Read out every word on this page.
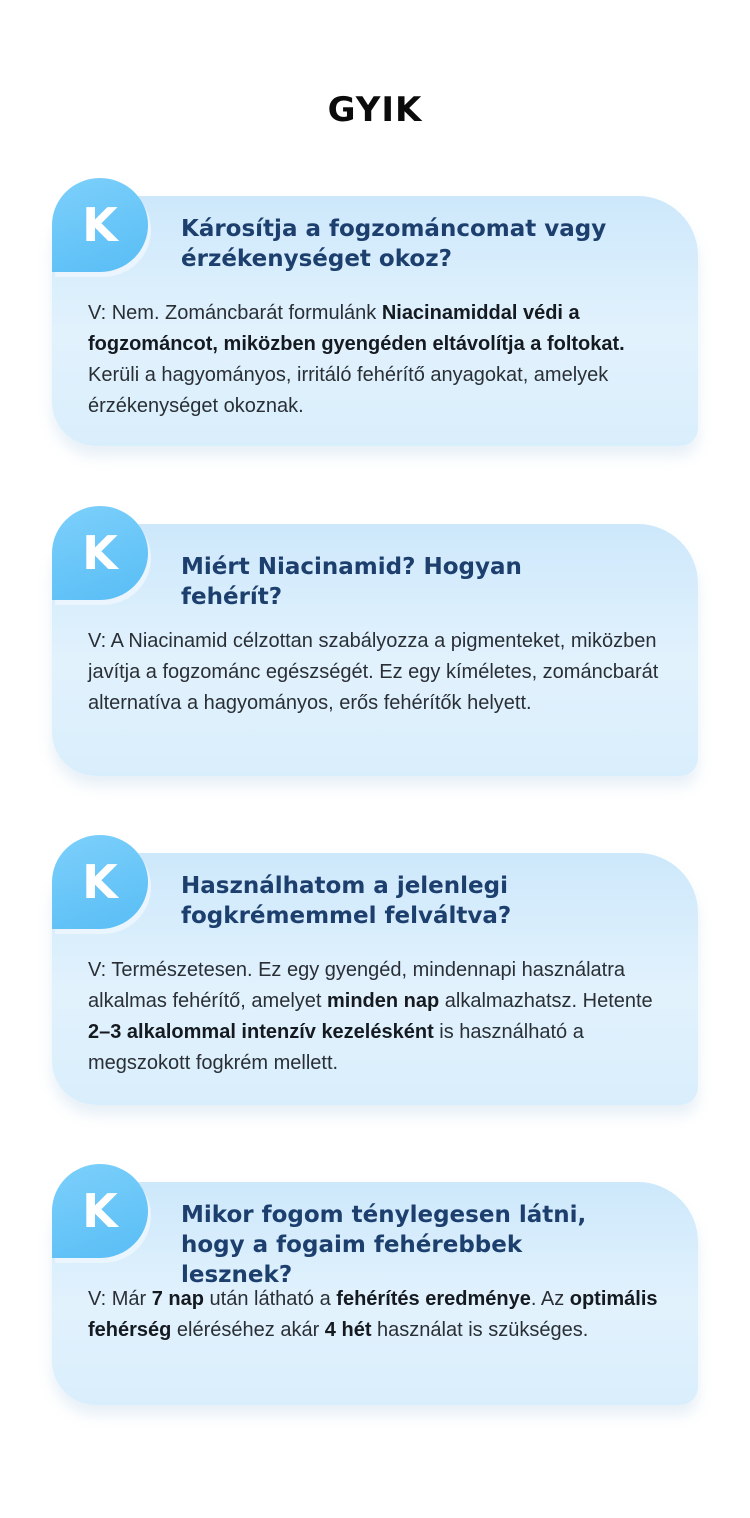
GYIK
K	Károsítja a fogzománcomat vagy érzékenységet okoz?
V: Nem. Zománcbarát formulánk Niacinamiddal védi a fogzománcot, miközben gyengéden eltávolítja a foltokat. Kerüli a hagyományos, irritáló fehérítő anyagokat, amelyek érzékenységet okoznak.
K	Miért Niacinamid? Hogyan fehérít?
V: A Niacinamid célzottan szabályozza a pigmenteket, miközben javítja a fogzománc egészségét. Ez egy kíméletes, zománcbarát alternatíva a hagyományos, erős fehérítők helyett.
K	Használhatom a jelenlegi fogkrémemmel felváltva?
V: Természetesen. Ez egy gyengéd, mindennapi használatra alkalmas fehérítő, amelyet minden nap alkalmazhatsz. Hetente 2–3 alkalommal intenzív kezelésként is használható a megszokott fogkrém mellett.
K	Mikor fogom ténylegesen látni, hogy a fogaim fehérebbek lesznek?
V: Már 7 nap után látható a fehérítés eredménye. Az optimális fehérség eléréséhez akár 4 hét használat is szükséges.
